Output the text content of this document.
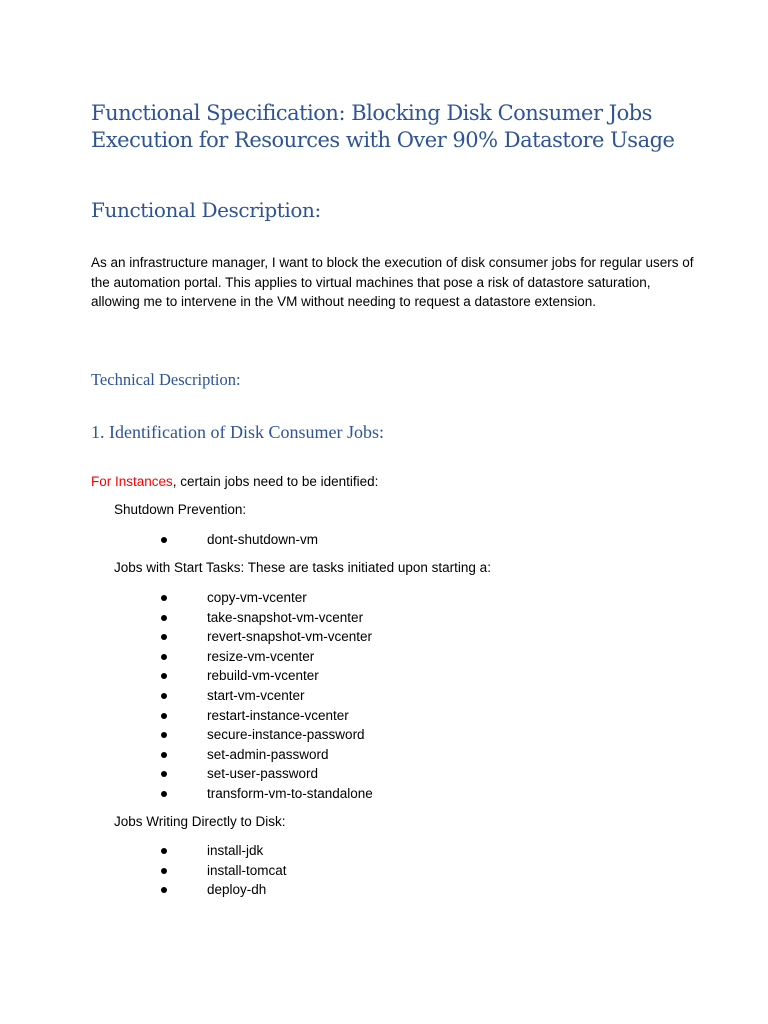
Functional Specification: Blocking Disk Consumer Jobs Execution for Resources with Over 90% Datastore Usage
Functional Description:

As an infrastructure manager, I want to block the execution of disk consumer jobs for regular users of the automation portal. This applies to virtual machines that pose a risk of datastore saturation, allowing me to intervene in the VM without needing to request a datastore extension.

Technical Description:
1. Identification of Disk Consumer Jobs:

For Instances, certain jobs need to be identified:

Shutdown Prevention:

dont-shutdown-vm

Jobs with Start Tasks: These are tasks initiated upon starting a:

copy-vm-vcenter
take-snapshot-vm-vcenter
revert-snapshot-vm-vcenter
resize-vm-vcenter
rebuild-vm-vcenter
start-vm-vcenter
restart-instance-vcenter
secure-instance-password
set-admin-password
set-user-password
transform-vm-to-standalone

Jobs Writing Directly to Disk:

install-jdk
install-tomcat
deploy-dh
